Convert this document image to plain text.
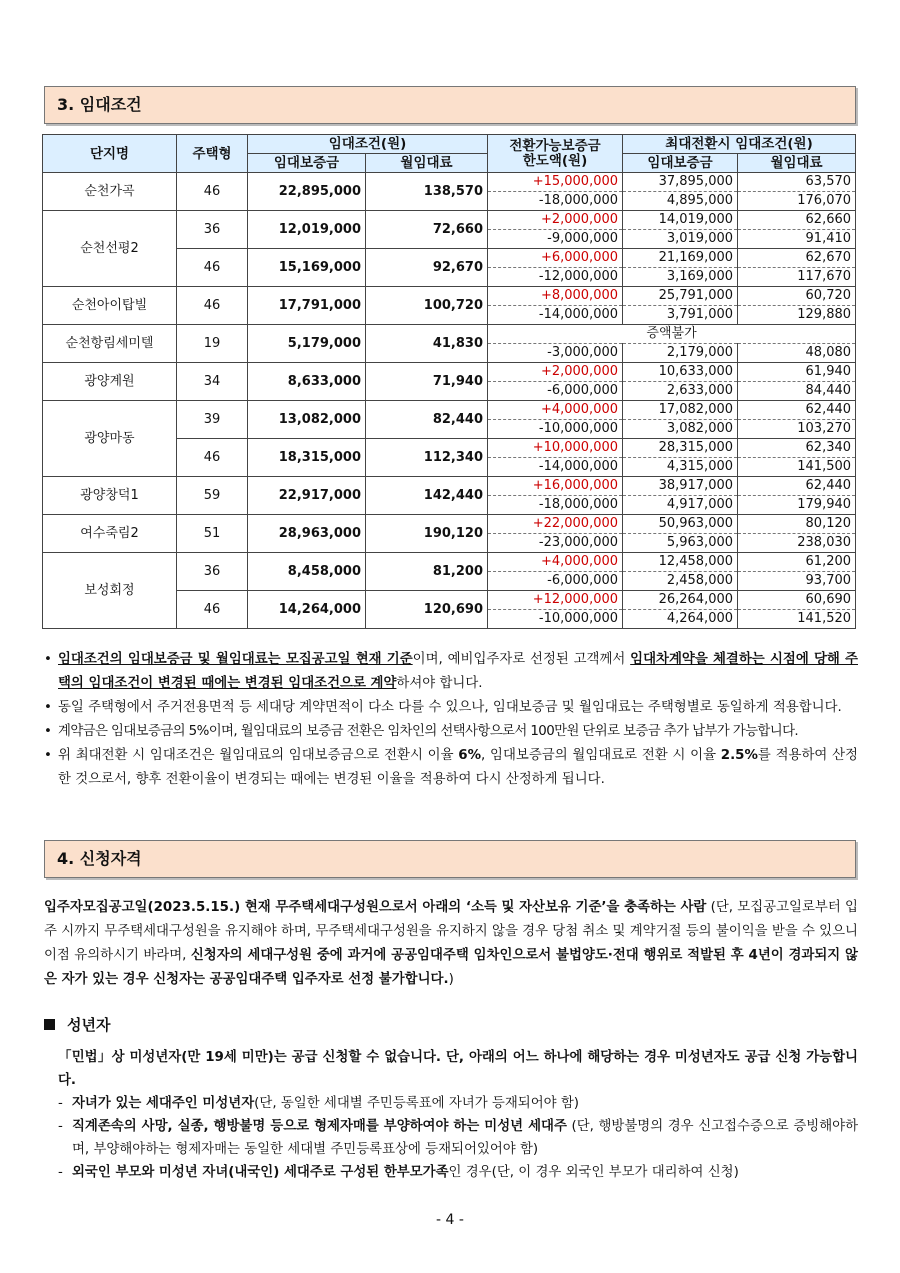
3. 임대조건
단지명	주택형	임대조건(원)		전환가능보증금
한도액(원)	최대전환시 임대조건(원)	
		임대보증금	월임대료		임대보증금	월임대료
순천가곡	46	22,895,000	138,570	+15,000,000	37,895,000	63,570
				-18,000,000	4,895,000	176,070
순천선평2	36	12,019,000	72,660	+2,000,000	14,019,000	62,660
				-9,000,000	3,019,000	91,410
	46	15,169,000	92,670	+6,000,000	21,169,000	62,670
				-12,000,000	3,169,000	117,670
순천아이탑빌	46	17,791,000	100,720	+8,000,000	25,791,000	60,720
				-14,000,000	3,791,000	129,880
순천항림세미텔	19	5,179,000	41,830	증액불가		
				-3,000,000	2,179,000	48,080
광양계원	34	8,633,000	71,940	+2,000,000	10,633,000	61,940
				-6,000,000	2,633,000	84,440
광양마동	39	13,082,000	82,440	+4,000,000	17,082,000	62,440
				-10,000,000	3,082,000	103,270
	46	18,315,000	112,340	+10,000,000	28,315,000	62,340
				-14,000,000	4,315,000	141,500
광양창덕1	59	22,917,000	142,440	+16,000,000	38,917,000	62,440
				-18,000,000	4,917,000	179,940
여수죽림2	51	28,963,000	190,120	+22,000,000	50,963,000	80,120
				-23,000,000	5,963,000	238,030
보성회정	36	8,458,000	81,200	+4,000,000	12,458,000	61,200
				-6,000,000	2,458,000	93,700
	46	14,264,000	120,690	+12,000,000	26,264,000	60,690
				-10,000,000	4,264,000	141,520
• 임대조건의 임대보증금 및 월임대료는 모집공고일 현재 기준이며, 예비입주자로 선정된 고객께서 임대차계약을 체결하는 시점에 당해 주택의 임대조건이 변경된 때에는 변경된 임대조건으로 계약하셔야 합니다.
• 동일 주택형에서 주거전용면적 등 세대당 계약면적이 다소 다를 수 있으나, 임대보증금 및 월임대료는 주택형별로 동일하게 적용합니다.
• 계약금은 임대보증금의 5%이며, 월임대료의 보증금 전환은 임차인의 선택사항으로서 100만원 단위로 보증금 추가 납부가 가능합니다.
• 위 최대전환 시 임대조건은 월임대료의 임대보증금으로 전환시 이율 6%, 임대보증금의 월임대료로 전환 시 이율 2.5%를 적용하여 산정한 것으로서, 향후 전환이율이 변경되는 때에는 변경된 이율을 적용하여 다시 산정하게 됩니다.
4. 신청자격
입주자모집공고일(2023.5.15.) 현재 무주택세대구성원으로서 아래의 ‘소득 및 자산보유 기준’을 충족하는 사람 (단, 모집공고일로부터 입주 시까지 무주택세대구성원을 유지해야 하며, 무주택세대구성원을 유지하지 않을 경우 당첨 취소 및 계약거절 등의 불이익을 받을 수 있으니 이점 유의하시기 바라며, 신청자의 세대구성원 중에 과거에 공공임대주택 임차인으로서 불법양도·전대 행위로 적발된 후 4년이 경과되지 않은 자가 있는 경우 신청자는 공공임대주택 입주자로 선정 불가합니다.)
성년자
「민법」상 미성년자(만 19세 미만)는 공급 신청할 수 없습니다. 단, 아래의 어느 하나에 해당하는 경우 미성년자도 공급 신청 가능합니다.
- 자녀가 있는 세대주인 미성년자(단, 동일한 세대별 주민등록표에 자녀가 등재되어야 함)
- 직계존속의 사망, 실종, 행방불명 등으로 형제자매를 부양하여야 하는 미성년 세대주 (단, 행방불명의 경우 신고접수증으로 증빙해야하며, 부양해야하는 형제자매는 동일한 세대별 주민등록표상에 등재되어있어야 함)
- 외국인 부모와 미성년 자녀(내국인) 세대주로 구성된 한부모가족인 경우(단, 이 경우 외국인 부모가 대리하여 신청)
- 4 -
